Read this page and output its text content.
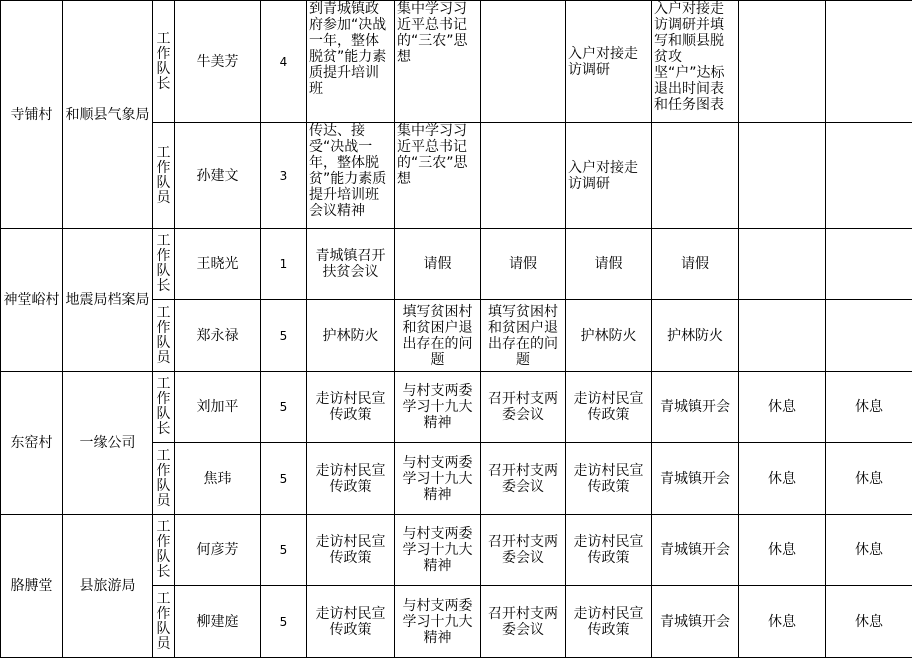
寺铺村	和顺县气象局	工作队长	牛美芳	4	到青城镇政府参加“决战一年，整体脱贫”能力素质提升培训班	集中学习习近平总书记的“三农”思想		入户对接走访调研	入户对接走访调研并填写和顺县脱贫攻坚“户”达标退出时间表和任务图表		

		工作队员	孙建文	3	传达、接受“决战一年，整体脱贫”能力素质提升培训班会议精神	集中学习习近平总书记的“三农”思想		入户对接走访调研			
神堂峪村	地震局档案局	工作队长	王晓光	1	青城镇召开扶贫会议	请假	请假	请假	请假		

		工作队员	郑永禄	5	护林防火	填写贫困村和贫困户退出存在的问题	填写贫困村和贫困户退出存在的问题	护林防火	护林防火		
东窑村	一缘公司	工作队长	刘加平	5	走访村民宣传政策	与村支两委学习十九大精神	召开村支两委会议	走访村民宣传政策	青城镇开会	休息	休息

		工作队员	焦玮	5	走访村民宣传政策	与村支两委学习十九大精神	召开村支两委会议	走访村民宣传政策	青城镇开会	休息	休息
胳膊堂	县旅游局	工作队长	何彦芳	5	走访村民宣传政策	与村支两委学习十九大精神	召开村支两委会议	走访村民宣传政策	青城镇开会	休息	休息

		工作队员	柳建庭	5	走访村民宣传政策	与村支两委学习十九大精神	召开村支两委会议	走访村民宣传政策	青城镇开会	休息	休息
